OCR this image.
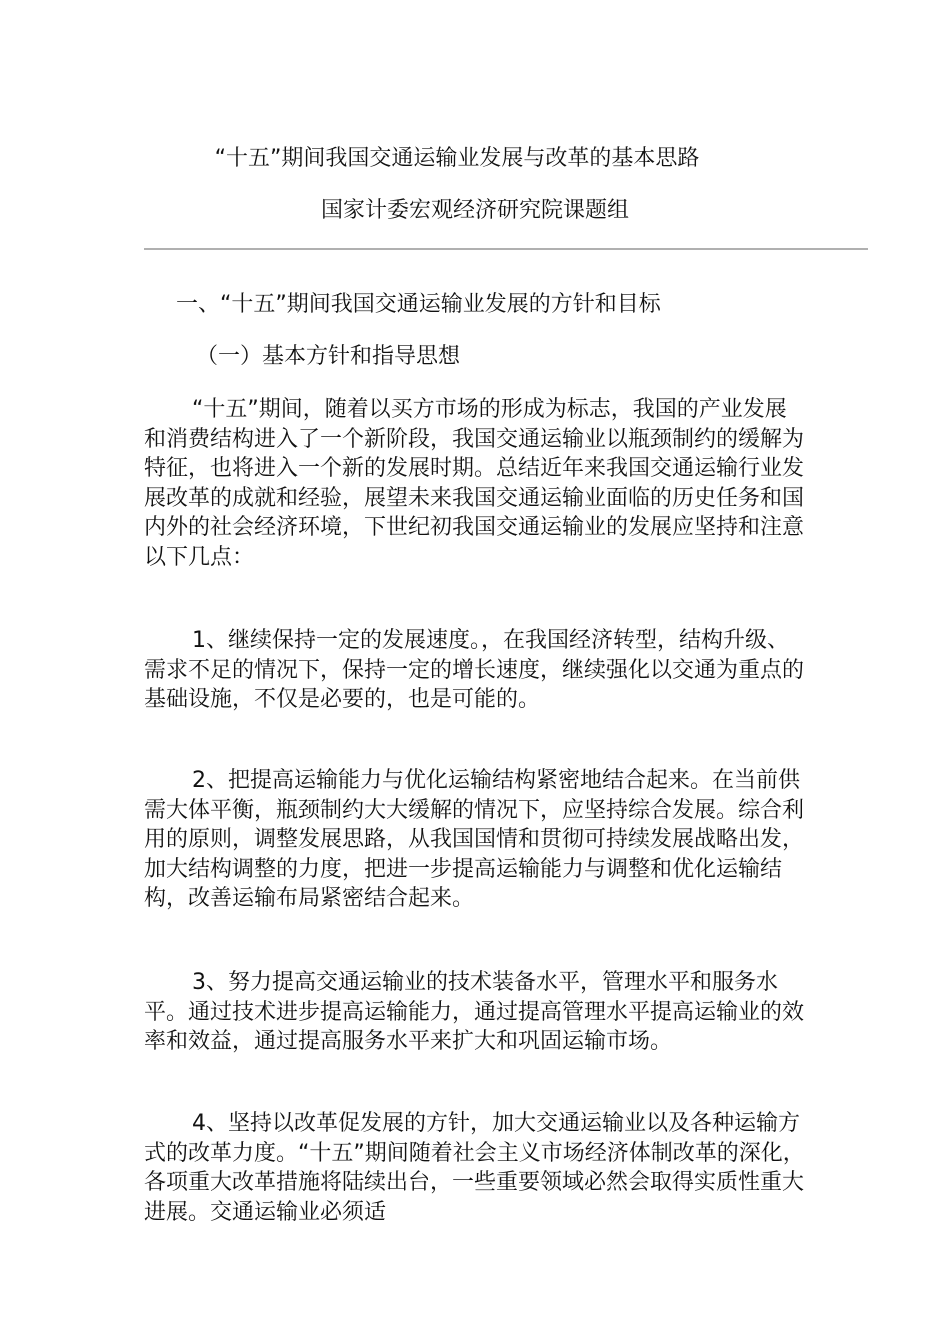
“十五”期间我国交通运输业发展与改革的基本思路
国家计委宏观经济研究院课题组
一、“十五”期间我国交通运输业发展的方针和目标
（一）基本方针和指导思想

“十五”期间，随着以买方市场的形成为标志，我国的产业发展和消费结构进入了一个新阶段，我国交通运输业以瓶颈制约的缓解为特征，也将进入一个新的发展时期。总结近年来我国交通运输行业发展改革的成就和经验，展望未来我国交通运输业面临的历史任务和国内外的社会经济环境，下世纪初我国交通运输业的发展应坚持和注意以下几点：

1、继续保持一定的发展速度。，在我国经济转型，结构升级、需求不足的情况下，保持一定的增长速度，继续强化以交通为重点的基础设施，不仅是必要的，也是可能的。

2、把提高运输能力与优化运输结构紧密地结合起来。在当前供需大体平衡，瓶颈制约大大缓解的情况下，应坚持综合发展。综合利用的原则，调整发展思路，从我国国情和贯彻可持续发展战略出发，加大结构调整的力度，把进一步提高运输能力与调整和优化运输结构，改善运输布局紧密结合起来。

3、努力提高交通运输业的技术装备水平，管理水平和服务水平。通过技术进步提高运输能力，通过提高管理水平提高运输业的效率和效益，通过提高服务水平来扩大和巩固运输市场。

4、坚持以改革促发展的方针，加大交通运输业以及各种运输方式的改革力度。“十五”期间随着社会主义市场经济体制改革的深化，各项重大改革措施将陆续出台，一些重要领域必然会取得实质性重大进展。交通运输业必须适
